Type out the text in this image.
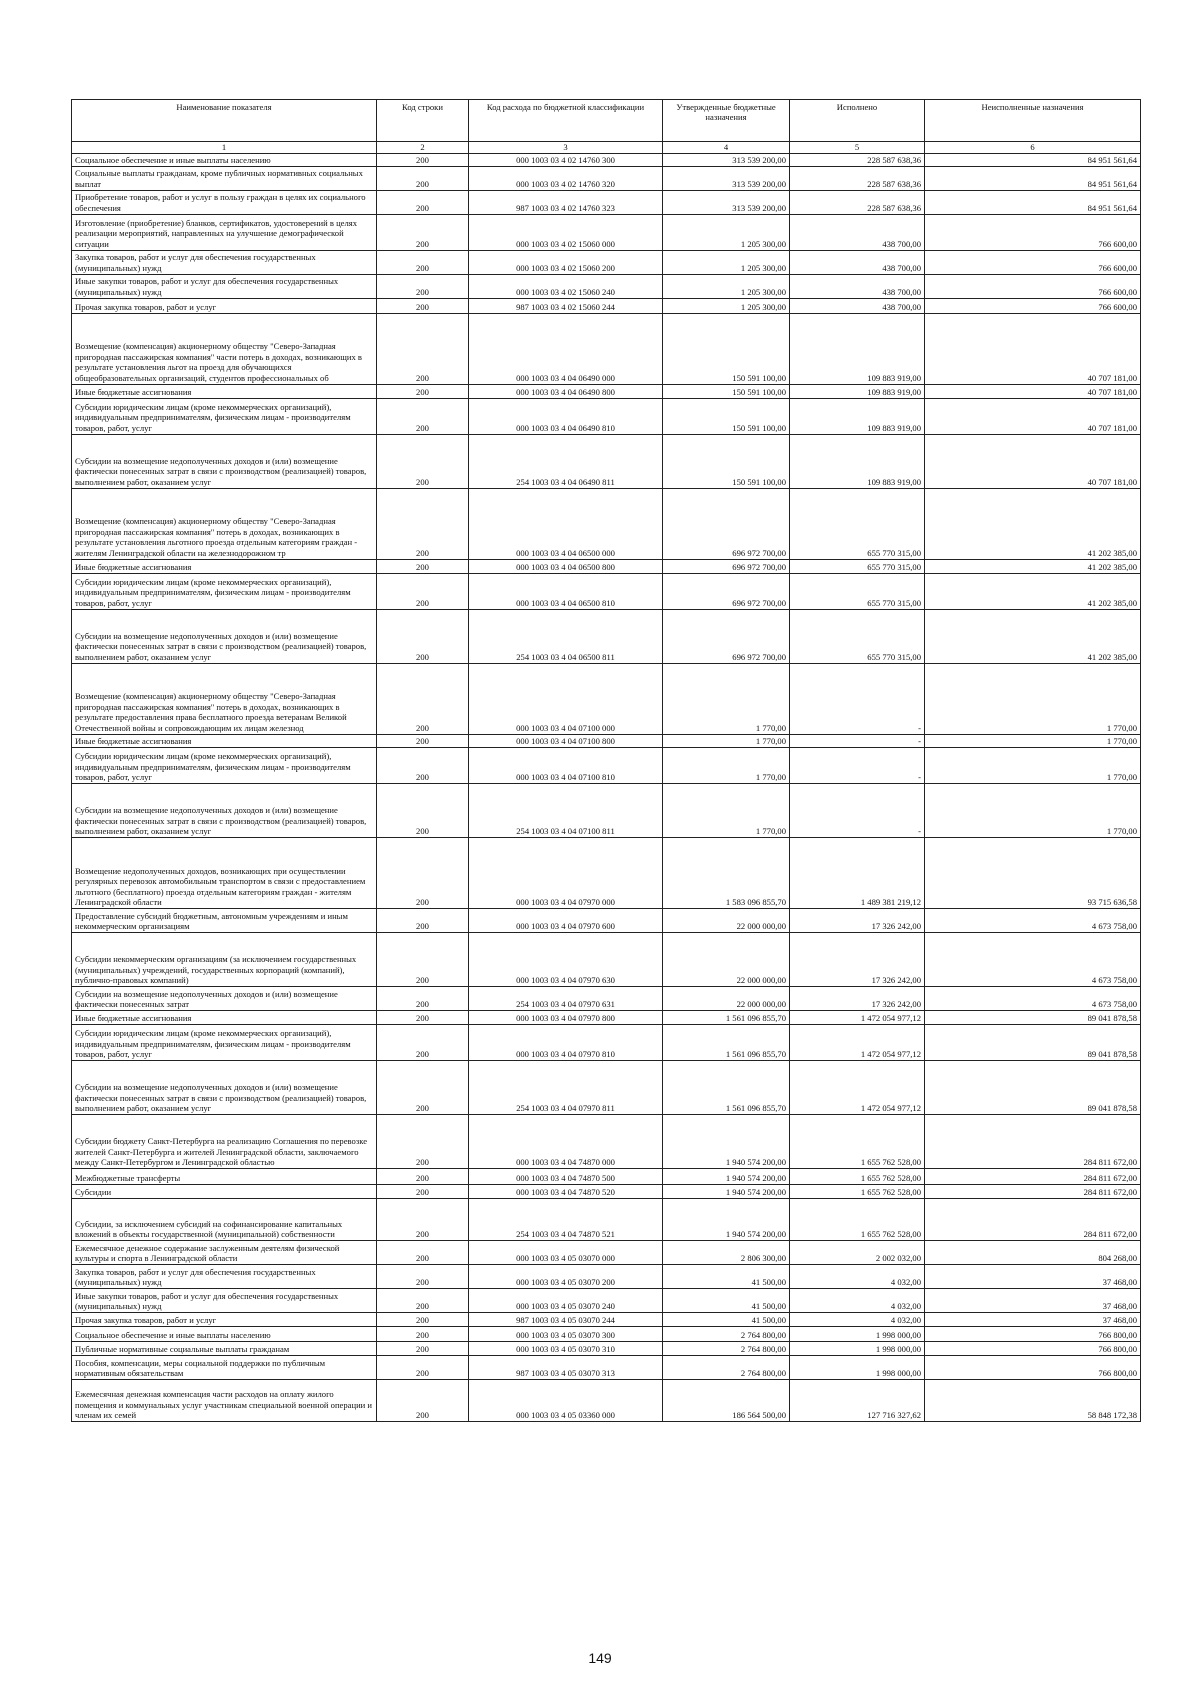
Наименование показателя	Код строки	Код расхода по бюджетной классификации	Утвержденные бюджетные назначения	Исполнено	Неисполненные назначения
1	2	3	4	5	6
Социальное обеспечение и иные выплаты населению	200	000 1003 03 4 02 14760 300	313 539 200,00	228 587 638,36	84 951 561,64
Социальные выплаты гражданам, кроме публичных нормативных социальных выплат	200	000 1003 03 4 02 14760 320	313 539 200,00	228 587 638,36	84 951 561,64
Приобретение товаров, работ и услуг в пользу граждан в целях их социального обеспечения	200	987 1003 03 4 02 14760 323	313 539 200,00	228 587 638,36	84 951 561,64
Изготовление (приобретение) бланков, сертификатов, удостоверений в целях реализации мероприятий, направленных на улучшение демографической ситуации	200	000 1003 03 4 02 15060 000	1 205 300,00	438 700,00	766 600,00
Закупка товаров, работ и услуг для обеспечения государственных (муниципальных) нужд	200	000 1003 03 4 02 15060 200	1 205 300,00	438 700,00	766 600,00
Иные закупки товаров, работ и услуг для обеспечения государственных (муниципальных) нужд	200	000 1003 03 4 02 15060 240	1 205 300,00	438 700,00	766 600,00
Прочая закупка товаров, работ и услуг	200	987 1003 03 4 02 15060 244	1 205 300,00	438 700,00	766 600,00
Возмещение (компенсация) акционерному обществу "Северо-Западная пригородная пассажирская компания" части потерь в доходах, возникающих в результате установления льгот на проезд для обучающихся общеобразовательных организаций, студентов профессиональных об	200	000 1003 03 4 04 06490 000	150 591 100,00	109 883 919,00	40 707 181,00
Иные бюджетные ассигнования	200	000 1003 03 4 04 06490 800	150 591 100,00	109 883 919,00	40 707 181,00
Субсидии юридическим лицам (кроме некоммерческих организаций), индивидуальным предпринимателям, физическим лицам - производителям товаров, работ, услуг	200	000 1003 03 4 04 06490 810	150 591 100,00	109 883 919,00	40 707 181,00
Субсидии на возмещение недополученных доходов и (или) возмещение фактически понесенных затрат в связи с производством (реализацией) товаров, выполнением работ, оказанием услуг	200	254 1003 03 4 04 06490 811	150 591 100,00	109 883 919,00	40 707 181,00
Возмещение (компенсация) акционерному обществу "Северо-Западная пригородная пассажирская компания" потерь в доходах, возникающих в результате установления льготного проезда отдельным категориям граждан - жителям Ленинградской области на железнодорожном тр	200	000 1003 03 4 04 06500 000	696 972 700,00	655 770 315,00	41 202 385,00
Иные бюджетные ассигнования	200	000 1003 03 4 04 06500 800	696 972 700,00	655 770 315,00	41 202 385,00
Субсидии юридическим лицам (кроме некоммерческих организаций), индивидуальным предпринимателям, физическим лицам - производителям товаров, работ, услуг	200	000 1003 03 4 04 06500 810	696 972 700,00	655 770 315,00	41 202 385,00
Субсидии на возмещение недополученных доходов и (или) возмещение фактически понесенных затрат в связи с производством (реализацией) товаров, выполнением работ, оказанием услуг	200	254 1003 03 4 04 06500 811	696 972 700,00	655 770 315,00	41 202 385,00
Возмещение (компенсация) акционерному обществу "Северо-Западная пригородная пассажирская компания" потерь в доходах, возникающих в результате предоставления права бесплатного проезда ветеранам Великой Отечественной войны и сопровождающим их лицам железнод	200	000 1003 03 4 04 07100 000	1 770,00	-	1 770,00
Иные бюджетные ассигнования	200	000 1003 03 4 04 07100 800	1 770,00	-	1 770,00
Субсидии юридическим лицам (кроме некоммерческих организаций), индивидуальным предпринимателям, физическим лицам - производителям товаров, работ, услуг	200	000 1003 03 4 04 07100 810	1 770,00	-	1 770,00
Субсидии на возмещение недополученных доходов и (или) возмещение фактически понесенных затрат в связи с производством (реализацией) товаров, выполнением работ, оказанием услуг	200	254 1003 03 4 04 07100 811	1 770,00	-	1 770,00
Возмещение недополученных доходов, возникающих при осуществлении регулярных перевозок автомобильным транспортом в связи с предоставлением льготного (бесплатного) проезда отдельным категориям граждан - жителям Ленинградской области	200	000 1003 03 4 04 07970 000	1 583 096 855,70	1 489 381 219,12	93 715 636,58
Предоставление субсидий бюджетным, автономным учреждениям и иным некоммерческим организациям	200	000 1003 03 4 04 07970 600	22 000 000,00	17 326 242,00	4 673 758,00
Субсидии некоммерческим организациям (за исключением государственных (муниципальных) учреждений, государственных корпораций (компаний), публично-правовых компаний)	200	000 1003 03 4 04 07970 630	22 000 000,00	17 326 242,00	4 673 758,00
Субсидии на возмещение недополученных доходов и (или) возмещение фактически понесенных затрат	200	254 1003 03 4 04 07970 631	22 000 000,00	17 326 242,00	4 673 758,00
Иные бюджетные ассигнования	200	000 1003 03 4 04 07970 800	1 561 096 855,70	1 472 054 977,12	89 041 878,58
Субсидии юридическим лицам (кроме некоммерческих организаций), индивидуальным предпринимателям, физическим лицам - производителям товаров, работ, услуг	200	000 1003 03 4 04 07970 810	1 561 096 855,70	1 472 054 977,12	89 041 878,58
Субсидии на возмещение недополученных доходов и (или) возмещение фактически понесенных затрат в связи с производством (реализацией) товаров, выполнением работ, оказанием услуг	200	254 1003 03 4 04 07970 811	1 561 096 855,70	1 472 054 977,12	89 041 878,58
Субсидии бюджету Санкт-Петербурга на реализацию Соглашения по перевозке жителей Санкт-Петербурга и жителей Ленинградской области, заключаемого между Санкт-Петербургом и Ленинградской областью	200	000 1003 03 4 04 74870 000	1 940 574 200,00	1 655 762 528,00	284 811 672,00
Межбюджетные трансферты	200	000 1003 03 4 04 74870 500	1 940 574 200,00	1 655 762 528,00	284 811 672,00
Субсидии	200	000 1003 03 4 04 74870 520	1 940 574 200,00	1 655 762 528,00	284 811 672,00
Субсидии, за исключением субсидий на софинансирование капитальных вложений в объекты государственной (муниципальной) собственности	200	254 1003 03 4 04 74870 521	1 940 574 200,00	1 655 762 528,00	284 811 672,00
Ежемесячное денежное содержание заслуженным деятелям физической культуры и спорта в Ленинградской области	200	000 1003 03 4 05 03070 000	2 806 300,00	2 002 032,00	804 268,00
Закупка товаров, работ и услуг для обеспечения государственных (муниципальных) нужд	200	000 1003 03 4 05 03070 200	41 500,00	4 032,00	37 468,00
Иные закупки товаров, работ и услуг для обеспечения государственных (муниципальных) нужд	200	000 1003 03 4 05 03070 240	41 500,00	4 032,00	37 468,00
Прочая закупка товаров, работ и услуг	200	987 1003 03 4 05 03070 244	41 500,00	4 032,00	37 468,00
Социальное обеспечение и иные выплаты населению	200	000 1003 03 4 05 03070 300	2 764 800,00	1 998 000,00	766 800,00
Публичные нормативные социальные выплаты гражданам	200	000 1003 03 4 05 03070 310	2 764 800,00	1 998 000,00	766 800,00
Пособия, компенсации, меры социальной поддержки по публичным нормативным обязательствам	200	987 1003 03 4 05 03070 313	2 764 800,00	1 998 000,00	766 800,00
Ежемесячная денежная компенсация части расходов на оплату жилого помещения и коммунальных услуг участникам специальной военной операции и членам их семей	200	000 1003 03 4 05 03360 000	186 564 500,00	127 716 327,62	58 848 172,38
149
